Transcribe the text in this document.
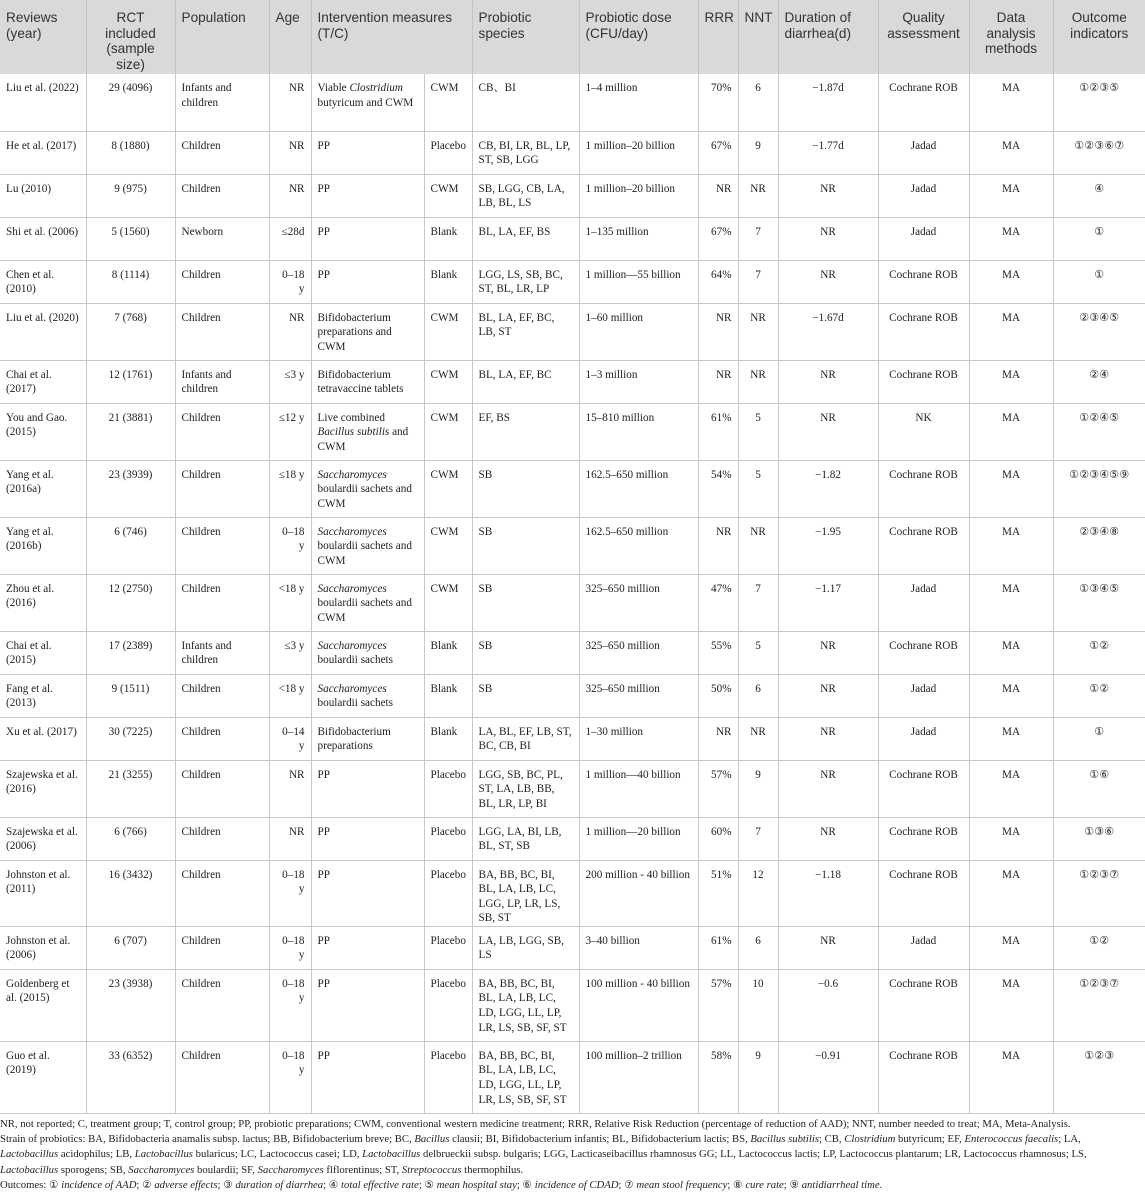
Reviews (year)	RCT included (sample size)	Population	Age	Intervention measures (T/C)		Probiotic species	Probiotic dose (CFU/day)	RRR	NNT	Duration of diarrhea(d)	Quality assessment	Data analysis methods	Outcome indicators
Liu et al. (2022)	29 (4096)	Infants and children	NR	Viable Clostridium butyricum and CWM	CWM	CB、BI	1–4 million	70%	6	−1.87d	Cochrane ROB	MA	①②③⑤
He et al. (2017)	8 (1880)	Children	NR	PP	Placebo	CB, BI, LR, BL, LP, ST, SB, LGG	1 million–20 billion	67%	9	−1.77d	Jadad	MA	①②③⑥⑦
Lu (2010)	9 (975)	Children	NR	PP	CWM	SB, LGG, CB, LA, LB, BL, LS	1 million–20 billion	NR	NR	NR	Jadad	MA	④
Shi et al. (2006)	5 (1560)	Newborn	≤28d	PP	Blank	BL, LA, EF, BS	1–135 million	67%	7	NR	Jadad	MA	①
Chen et al. (2010)	8 (1114)	Children	0–18 y	PP	Blank	LGG, LS, SB, BC, ST, BL, LR, LP	1 million—55 billion	64%	7	NR	Cochrane ROB	MA	①
Liu et al. (2020)	7 (768)	Children	NR	Bifidobacterium preparations and CWM	CWM	BL, LA, EF, BC, LB, ST	1–60 million	NR	NR	−1.67d	Cochrane ROB	MA	②③④⑤
Chai et al. (2017)	12 (1761)	Infants and children	≤3 y	Bifidobacterium tetravaccine tablets	CWM	BL, LA, EF, BC	1–3 million	NR	NR	NR	Cochrane ROB	MA	②④
You and Gao. (2015)	21 (3881)	Children	≤12 y	Live combined Bacillus subtilis and CWM	CWM	EF, BS	15–810 million	61%	5	NR	NK	MA	①②④⑤
Yang et al. (2016a)	23 (3939)	Children	≤18 y	Saccharomyces boulardii sachets and CWM	CWM	SB	162.5–650 million	54%	5	−1.82	Cochrane ROB	MA	①②③④⑤⑨
Yang et al. (2016b)	6 (746)	Children	0–18 y	Saccharomyces boulardii sachets and CWM	CWM	SB	162.5–650 million	NR	NR	−1.95	Cochrane ROB	MA	②③④⑧
Zhou et al. (2016)	12 (2750)	Children	<18 y	Saccharomyces boulardii sachets and CWM	CWM	SB	325–650 million	47%	7	−1.17	Jadad	MA	①③④⑤
Chai et al. (2015)	17 (2389)	Infants and children	≤3 y	Saccharomyces boulardii sachets	Blank	SB	325–650 million	55%	5	NR	Cochrane ROB	MA	①②
Fang et al. (2013)	9 (1511)	Children	<18 y	Saccharomyces boulardii sachets	Blank	SB	325–650 million	50%	6	NR	Jadad	MA	①②
Xu et al. (2017)	30 (7225)	Children	0–14 y	Bifidobacterium preparations	Blank	LA, BL, EF, LB, ST, BC, CB, BI	1–30 million	NR	NR	NR	Jadad	MA	①
Szajewska et al. (2016)	21 (3255)	Children	NR	PP	Placebo	LGG, SB, BC, PL, ST, LA, LB, BB, BL, LR, LP, BI	1 million—40 billion	57%	9	NR	Cochrane ROB	MA	①⑥
Szajewska et al. (2006)	6 (766)	Children	NR	PP	Placebo	LGG, LA, BI, LB, BL, ST, SB	1 million—20 billion	60%	7	NR	Cochrane ROB	MA	①③⑥
Johnston et al. (2011)	16 (3432)	Children	0–18 y	PP	Placebo	BA, BB, BC, BI, BL, LA, LB, LC, LGG, LP, LR, LS, SB, ST	200 million - 40 billion	51%	12	−1.18	Cochrane ROB	MA	①②③⑦
Johnston et al. (2006)	6 (707)	Children	0–18 y	PP	Placebo	LA, LB, LGG, SB, LS	3–40 billion	61%	6	NR	Jadad	MA	①②
Goldenberg et al. (2015)	23 (3938)	Children	0–18 y	PP	Placebo	BA, BB, BC, BI, BL, LA, LB, LC, LD, LGG, LL, LP, LR, LS, SB, SF, ST	100 million - 40 billion	57%	10	−0.6	Cochrane ROB	MA	①②③⑦
Guo et al. (2019)	33 (6352)	Children	0–18 y	PP	Placebo	BA, BB, BC, BI, BL, LA, LB, LC, LD, LGG, LL, LP, LR, LS, SB, SF, ST	100 million–2 trillion	58%	9	−0.91	Cochrane ROB	MA	①②③

NR, not reported; C, treatment group; T, control group; PP, probiotic preparations; CWM, conventional western medicine treatment; RRR, Relative Risk Reduction (percentage of reduction of AAD); NNT, number needed to treat; MA, Meta-Analysis.

Strain of probiotics: BA, Bifidobacteria anamalis subsp. lactus; BB, Bifidobacterium breve; BC, Bacillus clausii; BI, Bifidobacterium infantis; BL, Bifidobacterium lactis; BS, Bacillus subtilis; CB, Clostridium butyricum; EF, Enterococcus faecalis; LA, Lactobacillus acidophilus; LB, Lactobacillus bularicus; LC, Lactococcus casei; LD, Lactobacillus delbrueckii subsp. bulgaris; LGG, Lacticaseibacillus rhamnosus GG; LL, Lactococcus lactis; LP, Lactococcus plantarum; LR, Lactococcus rhamnosus; LS, Lactobacillus sporogens; SB, Saccharomyces boulardii; SF, Saccharomyces flflorentinus; ST, Streptococcus thermophilus.

Outcomes: ① incidence of AAD; ② adverse effects; ③ duration of diarrhea; ④ total effective rate; ⑤ mean hospital stay; ⑥ incidence of CDAD; ⑦ mean stool frequency; ⑧ cure rate; ⑨ antidiarrheal time.
